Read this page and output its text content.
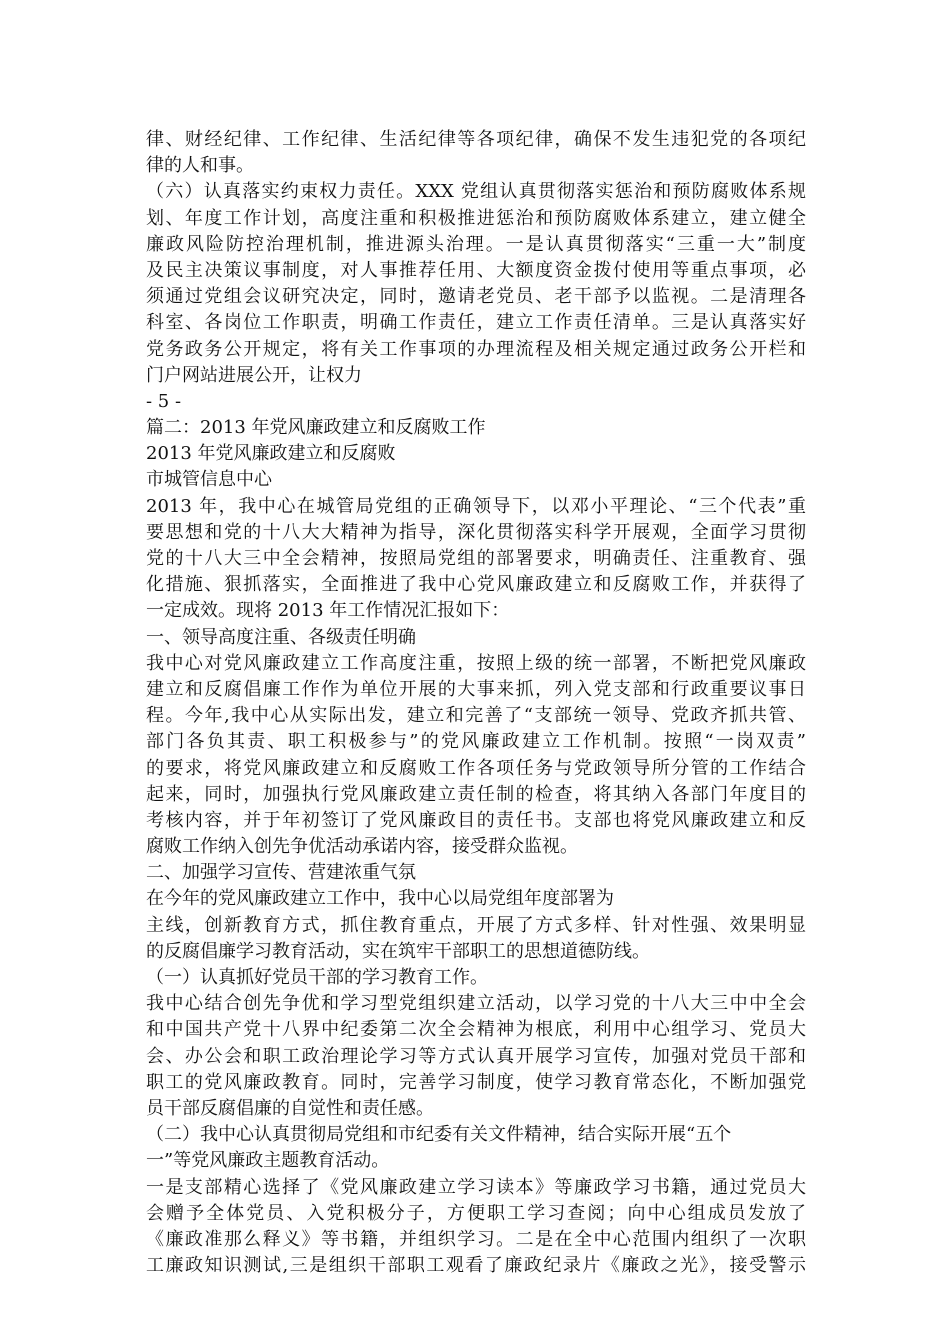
律、财经纪律、工作纪律、生活纪律等各项纪律，确保不发生违犯党的各项纪
律的人和事。
（六）认真落实约束权力责任。XXX 党组认真贯彻落实惩治和预防腐败体系规
划、年度工作计划，高度注重和积极推进惩治和预防腐败体系建立，建立健全
廉政风险防控治理机制，推进源头治理。一是认真贯彻落实“三重一大”制度
及民主决策议事制度，对人事推荐任用、大额度资金拨付使用等重点事项，必
须通过党组会议研究决定，同时，邀请老党员、老干部予以监视。二是清理各
科室、各岗位工作职责，明确工作责任，建立工作责任清单。三是认真落实好
党务政务公开规定，将有关工作事项的办理流程及相关规定通过政务公开栏和
门户网站进展公开，让权力
- 5 -
篇二：2013 年党风廉政建立和反腐败工作
2013 年党风廉政建立和反腐败
市城管信息中心
2013 年，我中心在城管局党组的正确领导下，以邓小平理论、“三个代表”重
要思想和党的十八大大精神为指导，深化贯彻落实科学开展观，全面学习贯彻
党的十八大三中全会精神，按照局党组的部署要求，明确责任、注重教育、强
化措施、狠抓落实，全面推进了我中心党风廉政建立和反腐败工作，并获得了
一定成效。现将 2013 年工作情况汇报如下：
一、领导高度注重、各级责任明确
我中心对党风廉政建立工作高度注重，按照上级的统一部署，不断把党风廉政
建立和反腐倡廉工作作为单位开展的大事来抓，列入党支部和行政重要议事日
程。今年,我中心从实际出发，建立和完善了“支部统一领导、党政齐抓共管、
部门各负其责、职工积极参与”的党风廉政建立工作机制。按照“一岗双责”
的要求，将党风廉政建立和反腐败工作各项任务与党政领导所分管的工作结合
起来，同时，加强执行党风廉政建立责任制的检查，将其纳入各部门年度目的
考核内容，并于年初签订了党风廉政目的责任书。支部也将党风廉政建立和反
腐败工作纳入创先争优活动承诺内容，接受群众监视。
二、加强学习宣传、营建浓重气氛
在今年的党风廉政建立工作中，我中心以局党组年度部署为
主线，创新教育方式，抓住教育重点，开展了方式多样、针对性强、效果明显
的反腐倡廉学习教育活动，实在筑牢干部职工的思想道德防线。
（一）认真抓好党员干部的学习教育工作。
我中心结合创先争优和学习型党组织建立活动，以学习党的十八大三中中全会
和中国共产党十八界中纪委第二次全会精神为根底，利用中心组学习、党员大
会、办公会和职工政治理论学习等方式认真开展学习宣传，加强对党员干部和
职工的党风廉政教育。同时，完善学习制度，使学习教育常态化，不断加强党
员干部反腐倡廉的自觉性和责任感。
（二）我中心认真贯彻局党组和市纪委有关文件精神，结合实际开展“五个
一”等党风廉政主题教育活动。
一是支部精心选择了《党风廉政建立学习读本》等廉政学习书籍，通过党员大
会赠予全体党员、入党积极分子，方便职工学习查阅；向中心组成员发放了
《廉政准那么释义》等书籍，并组织学习。二是在全中心范围内组织了一次职
工廉政知识测试,三是组织干部职工观看了廉政纪录片《廉政之光》，接受警示
